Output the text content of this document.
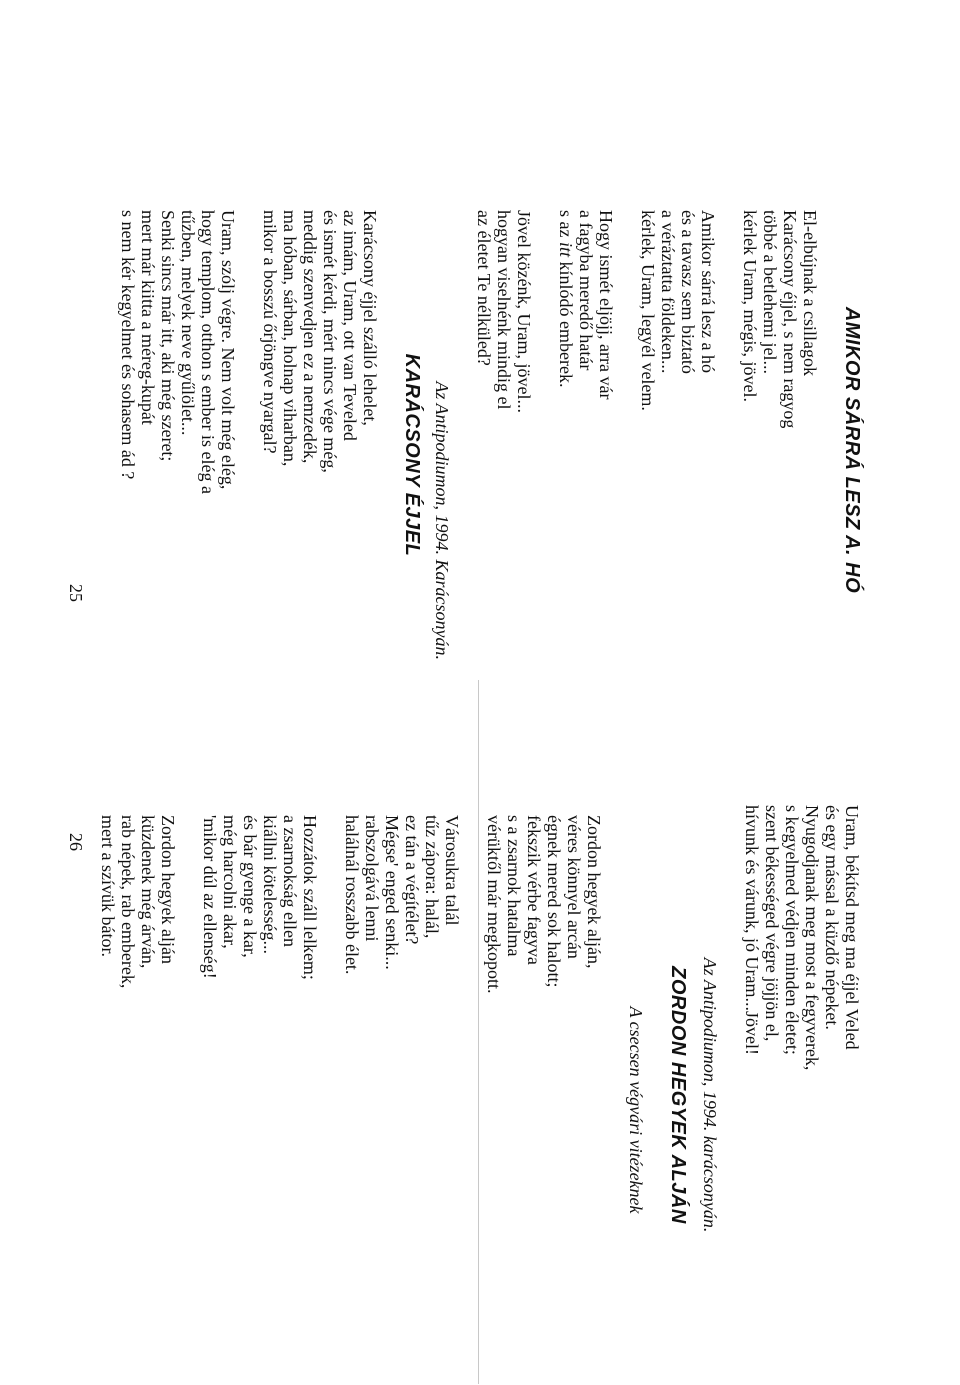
AMIKOR SÁRRÁ LESZ A. HÓ
El-elbújnak a csillagok
Karácsony éjjel, s nem ragyog
többé a betlehemi jel...
kérlek Uram, mégis, jövel.
Amikor sárrá lesz a hó
és a tavasz sem biztató
a véráztatta földeken...
kérlek, Uram, legyél velem.
Hogy ismét eljöjj, arra vár
a fagyba meredő határ
s az itt kínlódó emberek.
Jövel közénk, Uram, jövel...
hogyan viselnénk mindig el
az életet Te nélküled?
Az Antipodiumon, 1994. Karácsonyán.
KARÁCSONY ÉJJEL
Karácsony éjjel szálló lehelet,
az imám, Uram, ott van Teveled
és ismét kérdi, mért nincs vége még,
meddig szenvedjen ez a nemzedék,
ma hóban, sárban, holnap viharban,
mikor a bosszú őrjöngve nyargal?
Uram, szólj végre. Nem volt még elég,
hogy templom, otthon s ember is elég a
tűzben, melyek neve gyűlölet...
Senki sincs már itt, aki még szeret;
mert már kiitta a méreg-kupát
s nem kér kegyelmet és sohasem ád ?
25
Uram, békítsd meg ma éjjel Veled
és egy mással a küzdő népeket.
Nyugodjanak meg most a fegyverek,
s kegyelmed védjen minden életet;
szent békességed végre jöjjön el,
hívunk és várunk, jó Uram...Jövel!
Az Antipodiumon, 1994. karácsonyán.
ZORDON HEGYEK ALJÁN
A csecsen végvári vitézeknek
Zordon hegyek alján,
véres könnyel arcán
égnek mered sok halott;
fekszik vérbe fagyva
s a zsarnok hatalma
vérüktől már megkopott.
Városukra talál
tűz zápora: halál,
ez tán a végítélet?
Mégse' enged senki...
rabszolgává lenni
halálnál rosszabb élet.
Hozzátok száll lelkem;
a zsarnokság ellen
kiállni kötelesség...
és bár gyenge a kar,
még harcolni akar,
'mikor dúl az ellenség!
Zordon hegyek alján
küzdenek még árván,
rab népek, rab emberek,
mert a szívük bátor.
26
